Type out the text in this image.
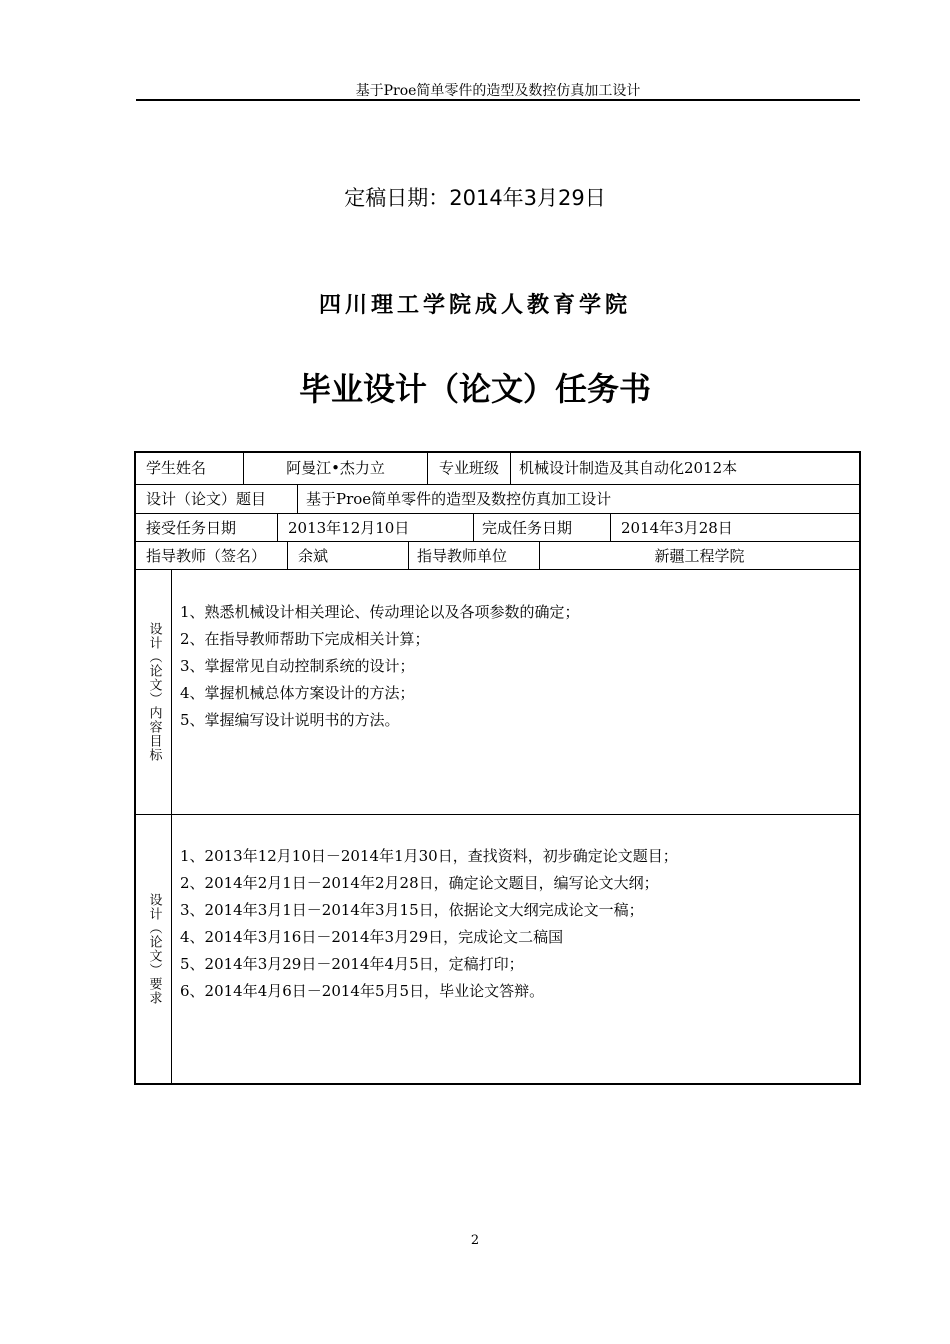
基于Proe简单零件的造型及数控仿真加工设计
定稿日期：2014年3月29日
四川理工学院成人教育学院
毕业设计（论文）任务书
学生姓名	阿曼江•杰力立	专业班级	机械设计制造及其自动化2012本
设计（论文）题目	基于Proe简单零件的造型及数控仿真加工设计
接受任务日期	2013年12月10日	完成任务日期	2014年3月28日
指导教师（签名）	余斌	指导教师单位	新疆工程学院
设计（论文）内容目标
1、熟悉机械设计相关理论、传动理论以及各项参数的确定；
2、在指导教师帮助下完成相关计算；
3、掌握常见自动控制系统的设计；
4、掌握机械总体方案设计的方法；
5、掌握编写设计说明书的方法。
设计（论文）要求
1、2013年12月10日－2014年1月30日，查找资料，初步确定论文题目；
2、2014年2月1日－2014年2月28日，确定论文题目，编写论文大纲；
3、2014年3月1日－2014年3月15日，依据论文大纲完成论文一稿；
4、2014年3月16日－2014年3月29日，完成论文二稿国
5、2014年3月29日－2014年4月5日，定稿打印；
6、2014年4月6日－2014年5月5日，毕业论文答辩。
2
